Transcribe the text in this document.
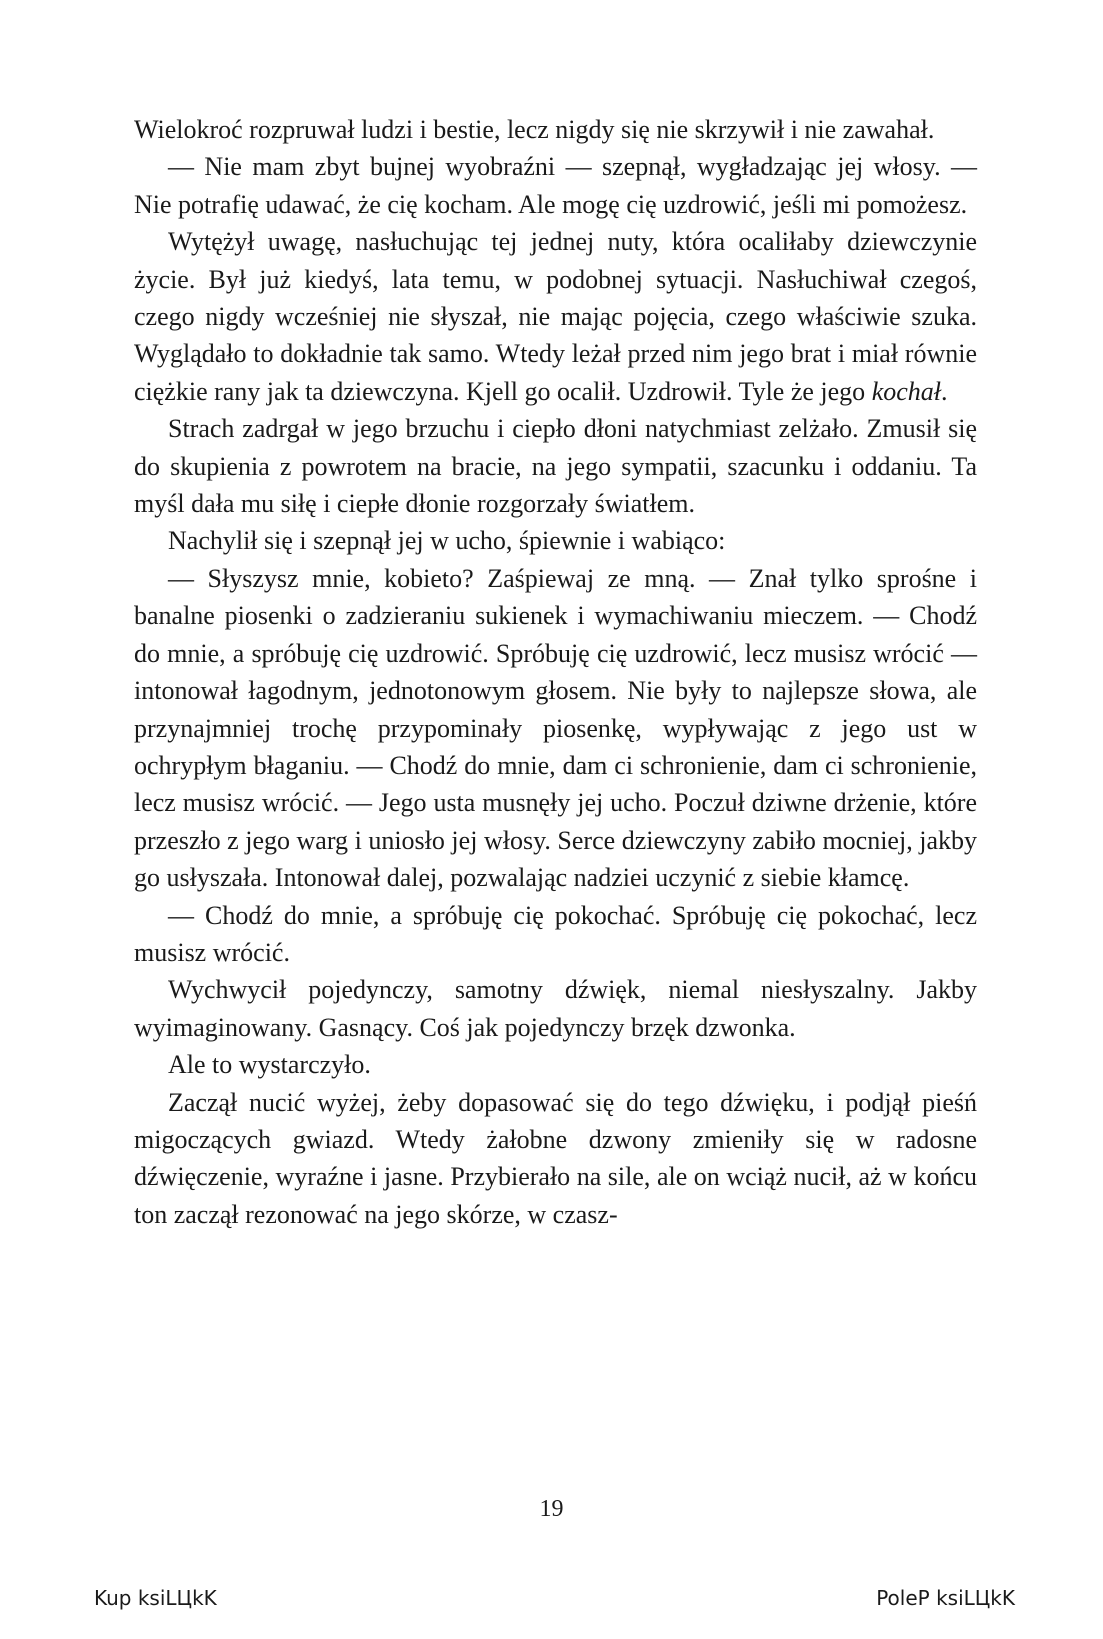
Wielokroć rozpruwał ludzi i bestie, lecz nigdy się nie skrzywił i nie zawahał.

— Nie mam zbyt bujnej wyobraźni — szepnął, wygładzając jej włosy. — Nie potrafię udawać, że cię kocham. Ale mogę cię uzdrowić, jeśli mi pomożesz.

Wytężył uwagę, nasłuchując tej jednej nuty, która ocaliłaby dziewczynie życie. Był już kiedyś, lata temu, w podobnej sytuacji. Nasłuchiwał czegoś, czego nigdy wcześniej nie słyszał, nie mając pojęcia, czego właściwie szuka. Wyglądało to dokładnie tak samo. Wtedy leżał przed nim jego brat i miał równie ciężkie rany jak ta dziewczyna. Kjell go ocalił. Uzdrowił. Tyle że jego kochał.

Strach zadrgał w jego brzuchu i ciepło dłoni natychmiast zelżało. Zmusił się do skupienia z powrotem na bracie, na jego sympatii, szacunku i oddaniu. Ta myśl dała mu siłę i ciepłe dłonie rozgorzały światłem.

Nachylił się i szepnął jej w ucho, śpiewnie i wabiąco:

— Słyszysz mnie, kobieto? Zaśpiewaj ze mną. — Znał tylko sprośne i banalne piosenki o zadzieraniu sukienek i wymachiwaniu mieczem. — Chodź do mnie, a spróbuję cię uzdrowić. Spróbuję cię uzdrowić, lecz musisz wrócić — intonował łagodnym, jednotonowym głosem. Nie były to najlepsze słowa, ale przynajmniej trochę przypominały piosenkę, wypływając z jego ust w ochrypłym błaganiu. — Chodź do mnie, dam ci schronienie, dam ci schronienie, lecz musisz wrócić. — Jego usta musnęły jej ucho. Poczuł dziwne drżenie, które przeszło z jego warg i uniosło jej włosy. Serce dziewczyny zabiło mocniej, jakby go usłyszała. Intonował dalej, pozwalając nadziei uczynić z siebie kłamcę.

— Chodź do mnie, a spróbuję cię pokochać. Spróbuję cię pokochać, lecz musisz wrócić.

Wychwycił pojedynczy, samotny dźwięk, niemal niesłyszalny. Jakby wyimaginowany. Gasnący. Coś jak pojedynczy brzęk dzwonka.

Ale to wystarczyło.

Zaczął nucić wyżej, żeby dopasować się do tego dźwięku, i podjął pieśń migoczących gwiazd. Wtedy żałobne dzwony zmieniły się w radosne dźwięczenie, wyraźne i jasne. Przybierało na sile, ale on wciąż nucił, aż w końcu ton zaczął rezonować na jego skórze, w czasz-

19
Kup ksiLЦkK	PoleP ksiLЦkK
